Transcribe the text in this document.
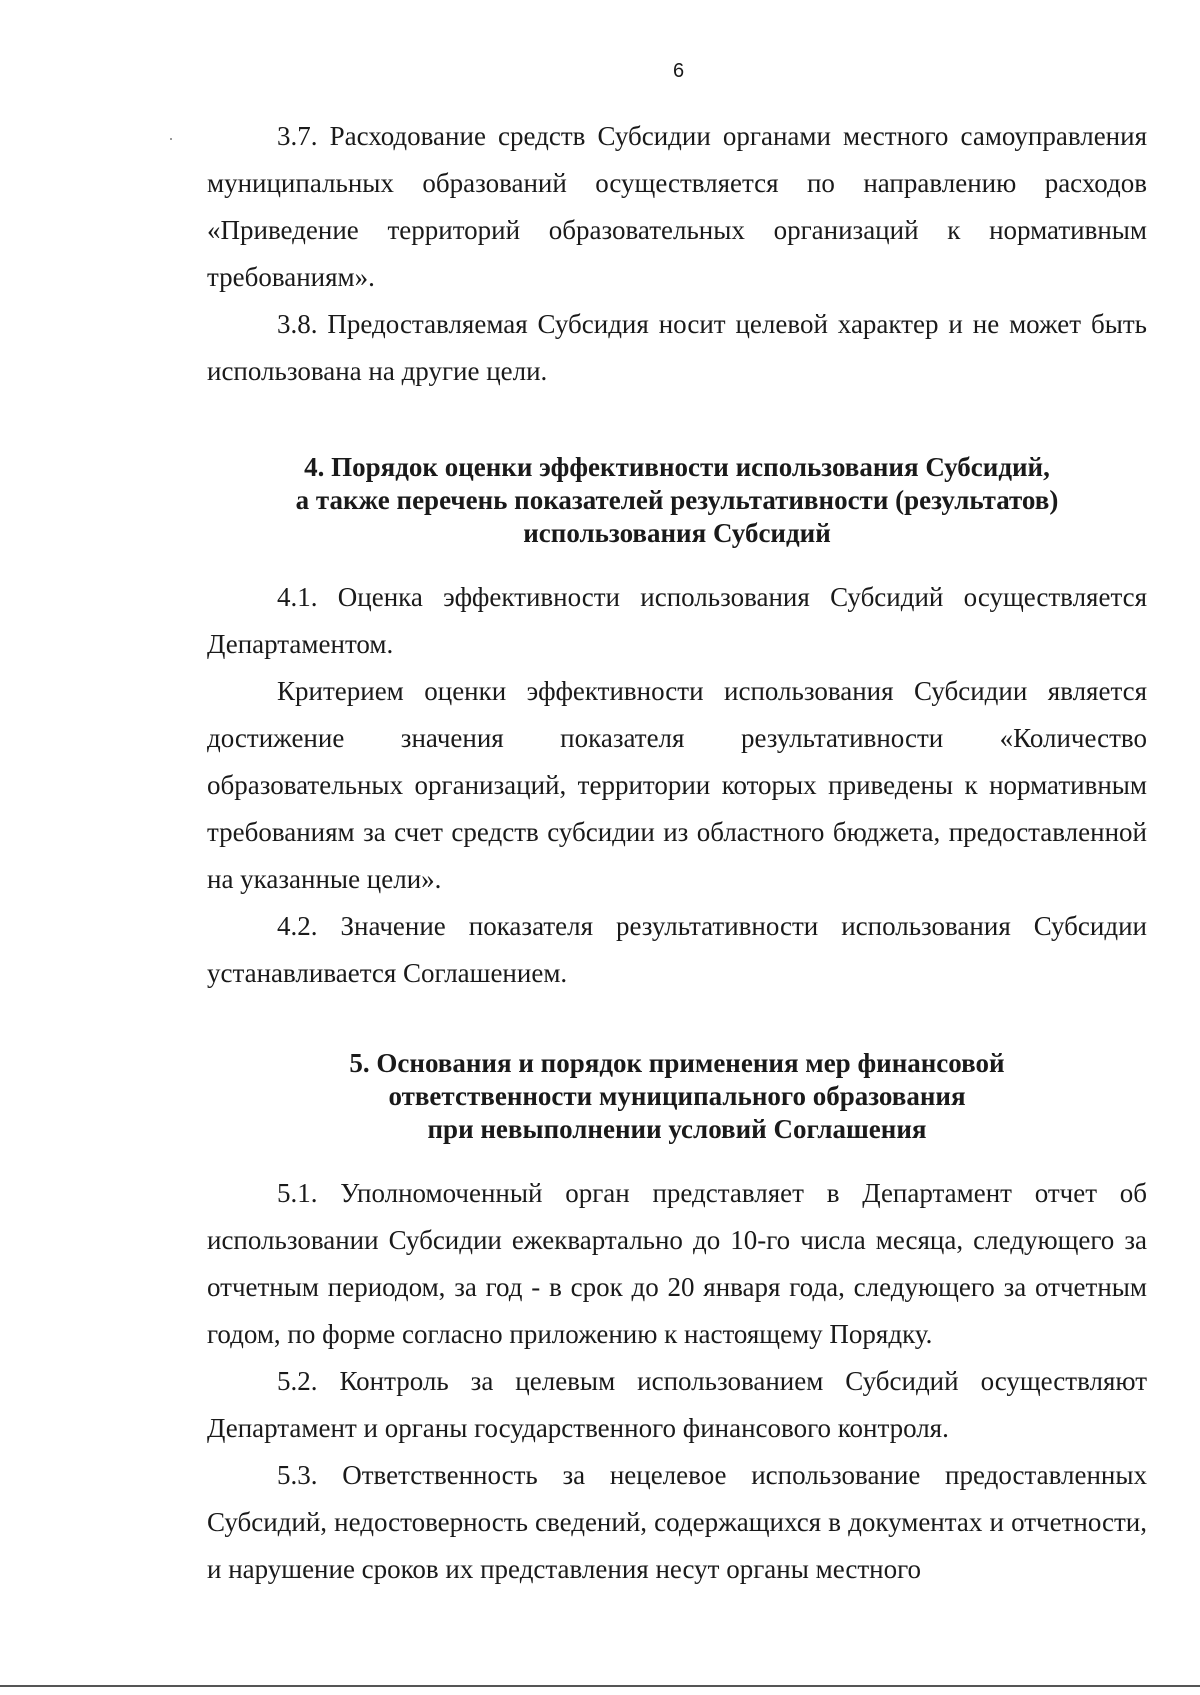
6

3.7. Расходование средств Субсидии органами местного самоуправления муниципальных образований осуществляется по направлению расходов «Приведение территорий образовательных организаций к нормативным требованиям».

3.8. Предоставляемая Субсидия носит целевой характер и не может быть использована на другие цели.

4. Порядок оценки эффективности использования Субсидий,
а также перечень показателей результативности (результатов)
использования Субсидий

4.1. Оценка эффективности использования Субсидий осуществляется Департаментом.

Критерием оценки эффективности использования Субсидии является достижение значения показателя результативности «Количество образовательных организаций, территории которых приведены к нормативным требованиям за счет средств субсидии из областного бюджета, предоставленной на указанные цели».

4.2. Значение показателя результативности использования Субсидии устанавливается Соглашением.

5. Основания и порядок применения мер финансовой
ответственности муниципального образования
при невыполнении условий Соглашения

5.1. Уполномоченный орган представляет в Департамент отчет об использовании Субсидии ежеквартально до 10-го числа месяца, следующего за отчетным периодом, за год - в срок до 20 января года, следующего за отчетным годом, по форме согласно приложению к настоящему Порядку.

5.2. Контроль за целевым использованием Субсидий осуществляют Департамент и органы государственного финансового контроля.

5.3. Ответственность за нецелевое использование предоставленных Субсидий, недостоверность сведений, содержащихся в документах и отчетности, и нарушение сроков их представления несут органы местного
